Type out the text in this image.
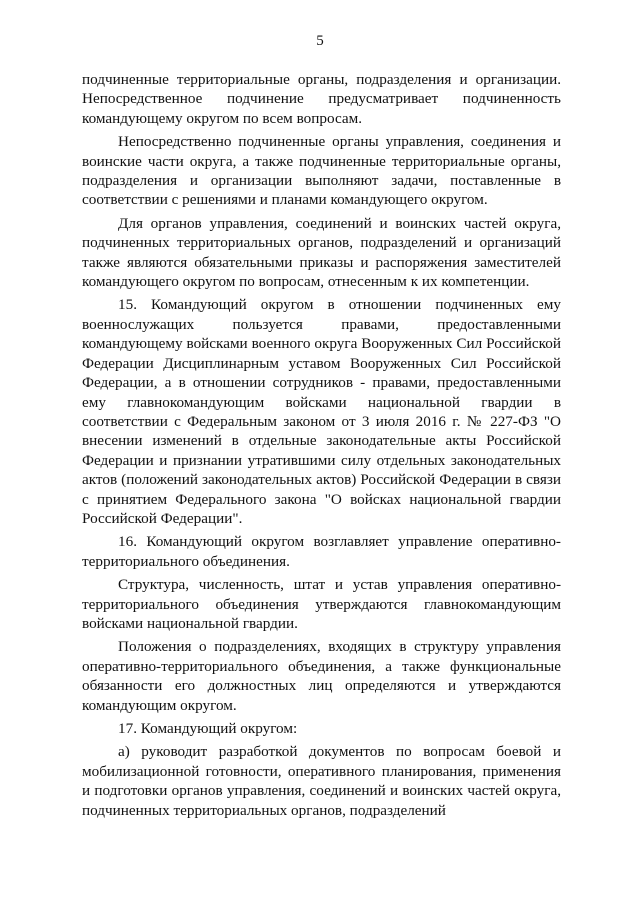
5

подчиненные территориальные органы, подразделения и организации. Непосредственное подчинение предусматривает подчиненность командующему округом по всем вопросам.

Непосредственно подчиненные органы управления, соединения и воинские части округа, а также подчиненные территориальные органы, подразделения и организации выполняют задачи, поставленные в соответствии с решениями и планами командующего округом.

Для органов управления, соединений и воинских частей округа, подчиненных территориальных органов, подразделений и организаций также являются обязательными приказы и распоряжения заместителей командующего округом по вопросам, отнесенным к их компетенции.

15. Командующий округом в отношении подчиненных ему военнослужащих пользуется правами, предоставленными командующему войсками военного округа Вооруженных Сил Российской Федерации Дисциплинарным уставом Вооруженных Сил Российской Федерации, а в отношении сотрудников - правами, предоставленными ему главнокомандующим войсками национальной гвардии в соответствии с Федеральным законом от 3 июля 2016 г. № 227-ФЗ "О внесении изменений в отдельные законодательные акты Российской Федерации и признании утратившими силу отдельных законодательных актов (положений законодательных актов) Российской Федерации в связи с принятием Федерального закона "О войсках национальной гвардии Российской Федерации".

16. Командующий округом возглавляет управление оперативно-территориального объединения.

Структура, численность, штат и устав управления оперативно-территориального объединения утверждаются главнокомандующим войсками национальной гвардии.

Положения о подразделениях, входящих в структуру управления оперативно-территориального объединения, а также функциональные обязанности его должностных лиц определяются и утверждаются командующим округом.

17. Командующий округом:

а) руководит разработкой документов по вопросам боевой и мобилизационной готовности, оперативного планирования, применения и подготовки органов управления, соединений и воинских частей округа, подчиненных территориальных органов, подразделений
